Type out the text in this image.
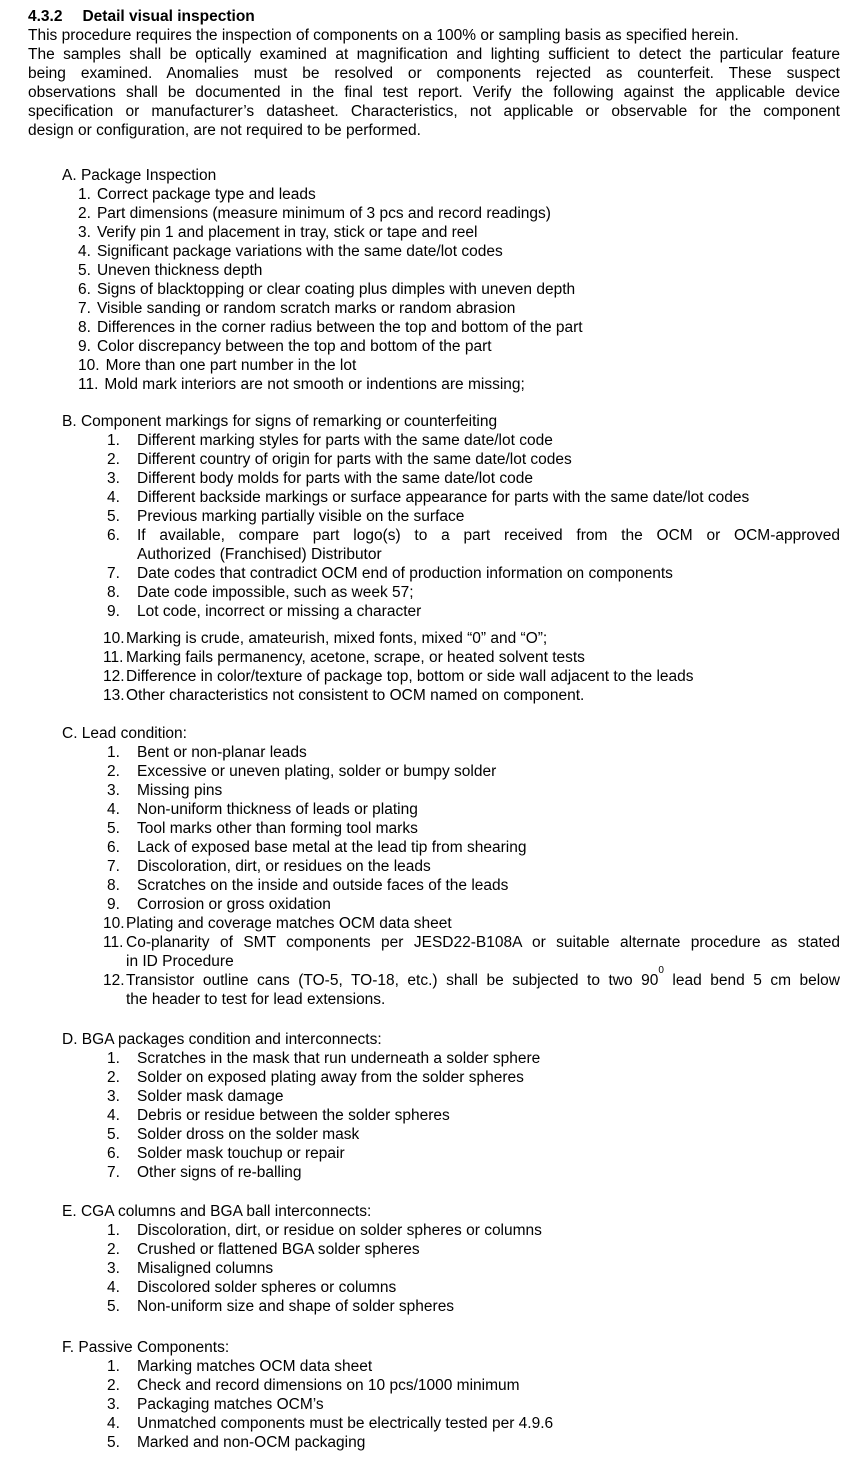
4.3.2 Detail visual inspection
This procedure requires the inspection of components on a 100% or sampling basis as specified herein.
The samples shall be optically examined at magnification and lighting sufficient to detect the particular feature
being examined. Anomalies must be resolved or components rejected as counterfeit. These suspect
observations shall be documented in the final test report. Verify the following against the applicable device
specification or manufacturer’s datasheet. Characteristics, not applicable or observable for the component
design or configuration, are not required to be performed.
A. Package Inspection
1. Correct package type and leads
2. Part dimensions (measure minimum of 3 pcs and record readings)
3. Verify pin 1 and placement in tray, stick or tape and reel
4. Significant package variations with the same date/lot codes
5. Uneven thickness depth
6. Signs of blacktopping or clear coating plus dimples with uneven depth
7. Visible sanding or random scratch marks or random abrasion
8. Differences in the corner radius between the top and bottom of the part
9. Color discrepancy between the top and bottom of the part
10. More than one part number in the lot
11. Mold mark interiors are not smooth or indentions are missing;
B. Component markings for signs of remarking or counterfeiting
1. Different marking styles for parts with the same date/lot code
2. Different country of origin for parts with the same date/lot codes
3. Different body molds for parts with the same date/lot code
4. Different backside markings or surface appearance for parts with the same date/lot codes
5. Previous marking partially visible on the surface
6. If available, compare part logo(s) to a part received from the OCM or OCM-approved
Authorized  (Franchised) Distributor
7. Date codes that contradict OCM end of production information on components
8. Date code impossible, such as week 57;
9. Lot code, incorrect or missing a character
10.Marking is crude, amateurish, mixed fonts, mixed “0” and “O”;
11. Marking fails permanency, acetone, scrape, or heated solvent tests
12.Difference in color/texture of package top, bottom or side wall adjacent to the leads
13.Other characteristics not consistent to OCM named on component.
C. Lead condition:
1. Bent or non-planar leads
2. Excessive or uneven plating, solder or bumpy solder
3. Missing pins
4. Non-uniform thickness of leads or plating
5. Tool marks other than forming tool marks
6. Lack of exposed base metal at the lead tip from shearing
7. Discoloration, dirt, or residues on the leads
8. Scratches on the inside and outside faces of the leads
9. Corrosion or gross oxidation
10.Plating and coverage matches OCM data sheet
11. Co-planarity of SMT components per JESD22-B108A or suitable alternate procedure as stated
in ID Procedure
12. Transistor outline cans (TO-5, TO-18, etc.) shall be subjected to two $90^0$ lead bend 5 cm below
the header to test for lead extensions.
D. BGA packages condition and interconnects:
1. Scratches in the mask that run underneath a solder sphere
2. Solder on exposed plating away from the solder spheres
3. Solder mask damage
4. Debris or residue between the solder spheres
5. Solder dross on the solder mask
6. Solder mask touchup or repair
7. Other signs of re-balling
E. CGA columns and BGA ball interconnects:
1. Discoloration, dirt, or residue on solder spheres or columns
2. Crushed or flattened BGA solder spheres
3. Misaligned columns
4. Discolored solder spheres or columns
5. Non-uniform size and shape of solder spheres
F. Passive Components:
1. Marking matches OCM data sheet
2. Check and record dimensions on 10 pcs/1000 minimum
3. Packaging matches OCM’s
4. Unmatched components must be electrically tested per 4.9.6
5. Marked and non-OCM packaging
